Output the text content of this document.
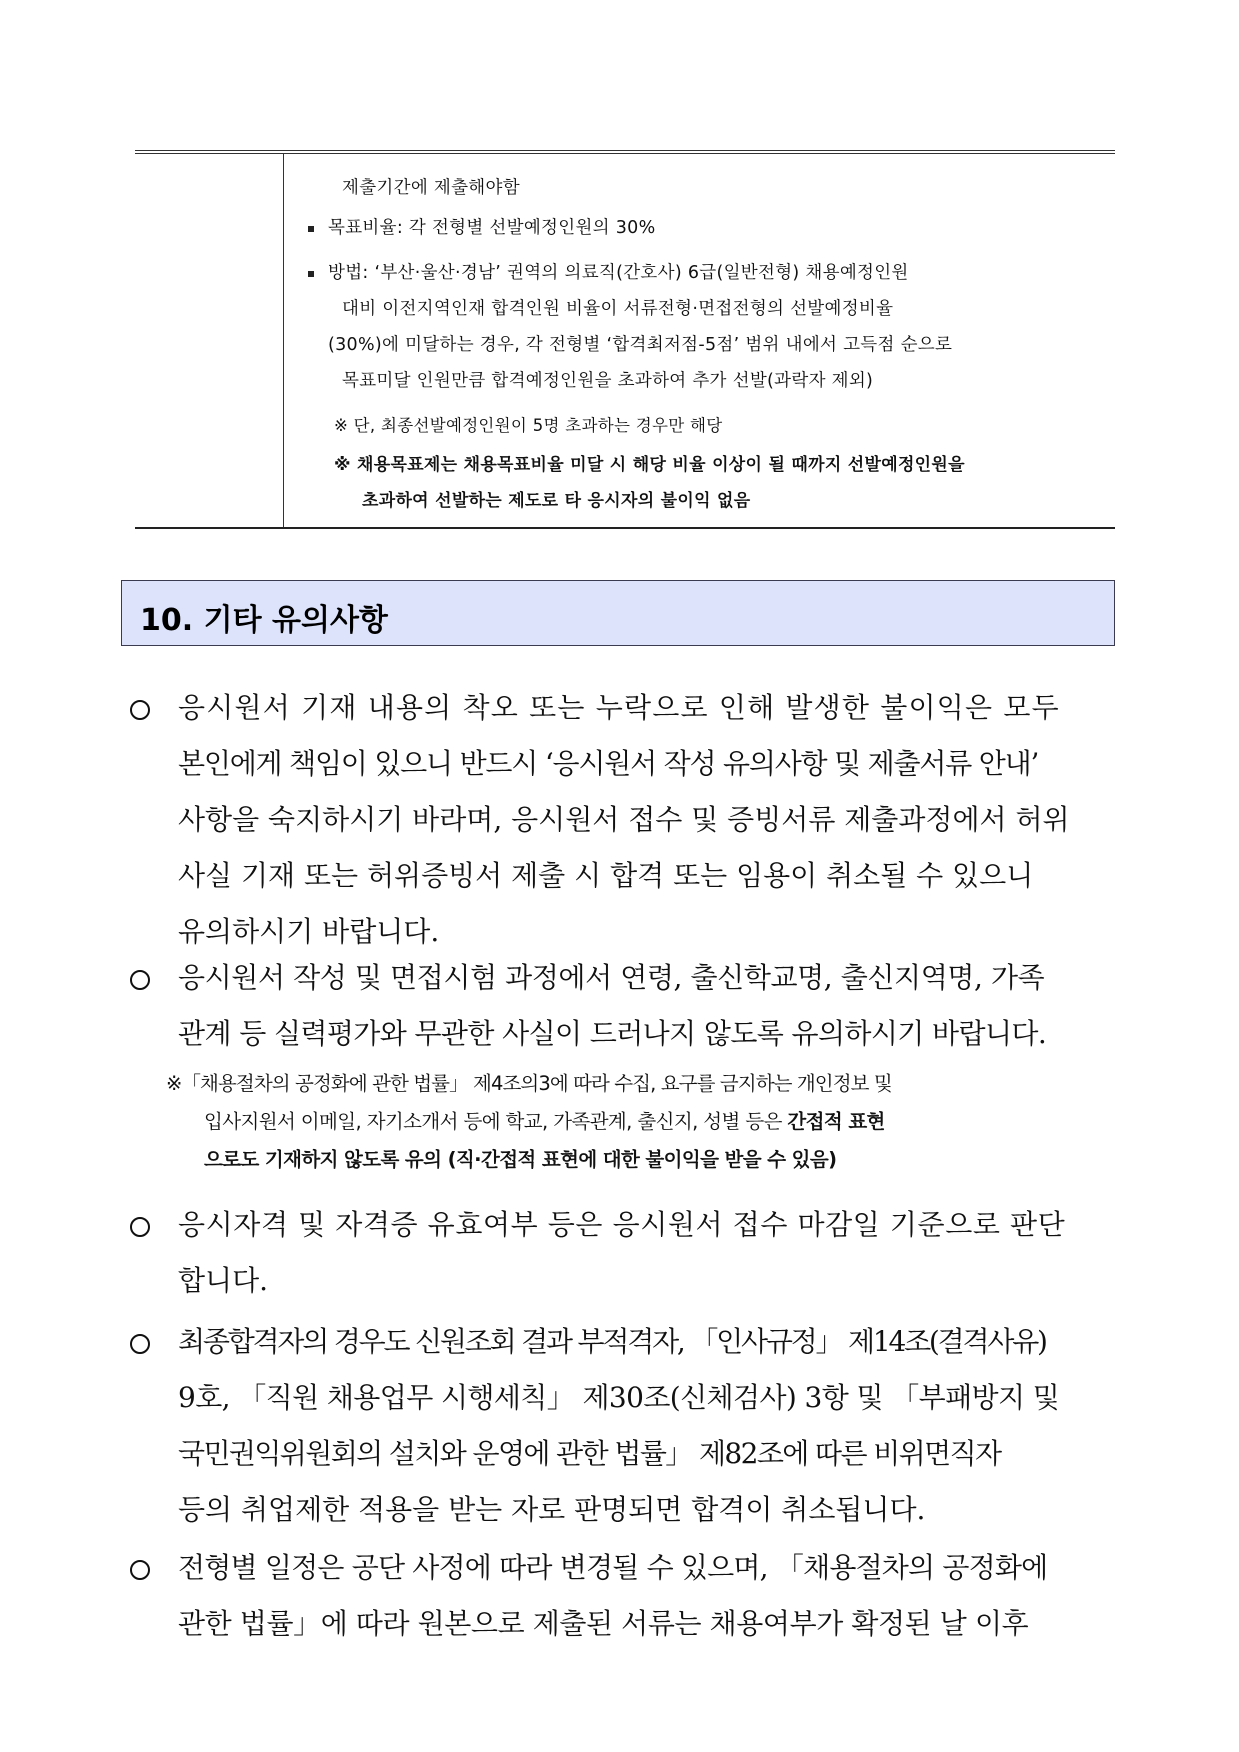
제출기간에 제출해야함
목표비율: 각 전형별 선발예정인원의 30%
방법: ‘부산·울산·경남’ 권역의 의료직(간호사) 6급(일반전형) 채용예정인원
대비 이전지역인재 합격인원 비율이 서류전형·면접전형의 선발예정비율
(30%)에 미달하는 경우, 각 전형별 ‘합격최저점-5점’ 범위 내에서 고득점 순으로
목표미달 인원만큼 합격예정인원을 초과하여 추가 선발(과락자 제외)
※ 단, 최종선발예정인원이 5명 초과하는 경우만 해당
※ 채용목표제는 채용목표비율 미달 시 해당 비율 이상이 될 때까지 선발예정인원을
초과하여 선발하는 제도로 타 응시자의 불이익 없음
10. 기타 유의사항
응시원서 기재 내용의 착오 또는 누락으로 인해 발생한 불이익은 모두
본인에게 책임이 있으니 반드시 ‘응시원서 작성 유의사항 및 제출서류 안내’
사항을 숙지하시기 바라며, 응시원서 접수 및 증빙서류 제출과정에서 허위
사실 기재 또는 허위증빙서 제출 시 합격 또는 임용이 취소될 수 있으니
유의하시기 바랍니다.
응시원서 작성 및 면접시험 과정에서 연령, 출신학교명, 출신지역명, 가족
관계 등 실력평가와 무관한 사실이 드러나지 않도록 유의하시기 바랍니다.
※「채용절차의 공정화에 관한 법률」 제4조의3에 따라 수집, 요구를 금지하는 개인정보 및
입사지원서 이메일, 자기소개서 등에 학교, 가족관계, 출신지, 성별 등은 간접적 표현
으로도 기재하지 않도록 유의 (직·간접적 표현에 대한 불이익을 받을 수 있음)
응시자격 및 자격증 유효여부 등은 응시원서 접수 마감일 기준으로 판단
합니다.
최종합격자의 경우도 신원조회 결과 부적격자, 「인사규정」 제14조(결격사유)
9호, 「직원 채용업무 시행세칙」 제30조(신체검사) 3항 및 「부패방지 및
국민권익위원회의 설치와 운영에 관한 법률」 제82조에 따른 비위면직자
등의 취업제한 적용을 받는 자로 판명되면 합격이 취소됩니다.
전형별 일정은 공단 사정에 따라 변경될 수 있으며, 「채용절차의 공정화에
관한 법률」에 따라 원본으로 제출된 서류는 채용여부가 확정된 날 이후
